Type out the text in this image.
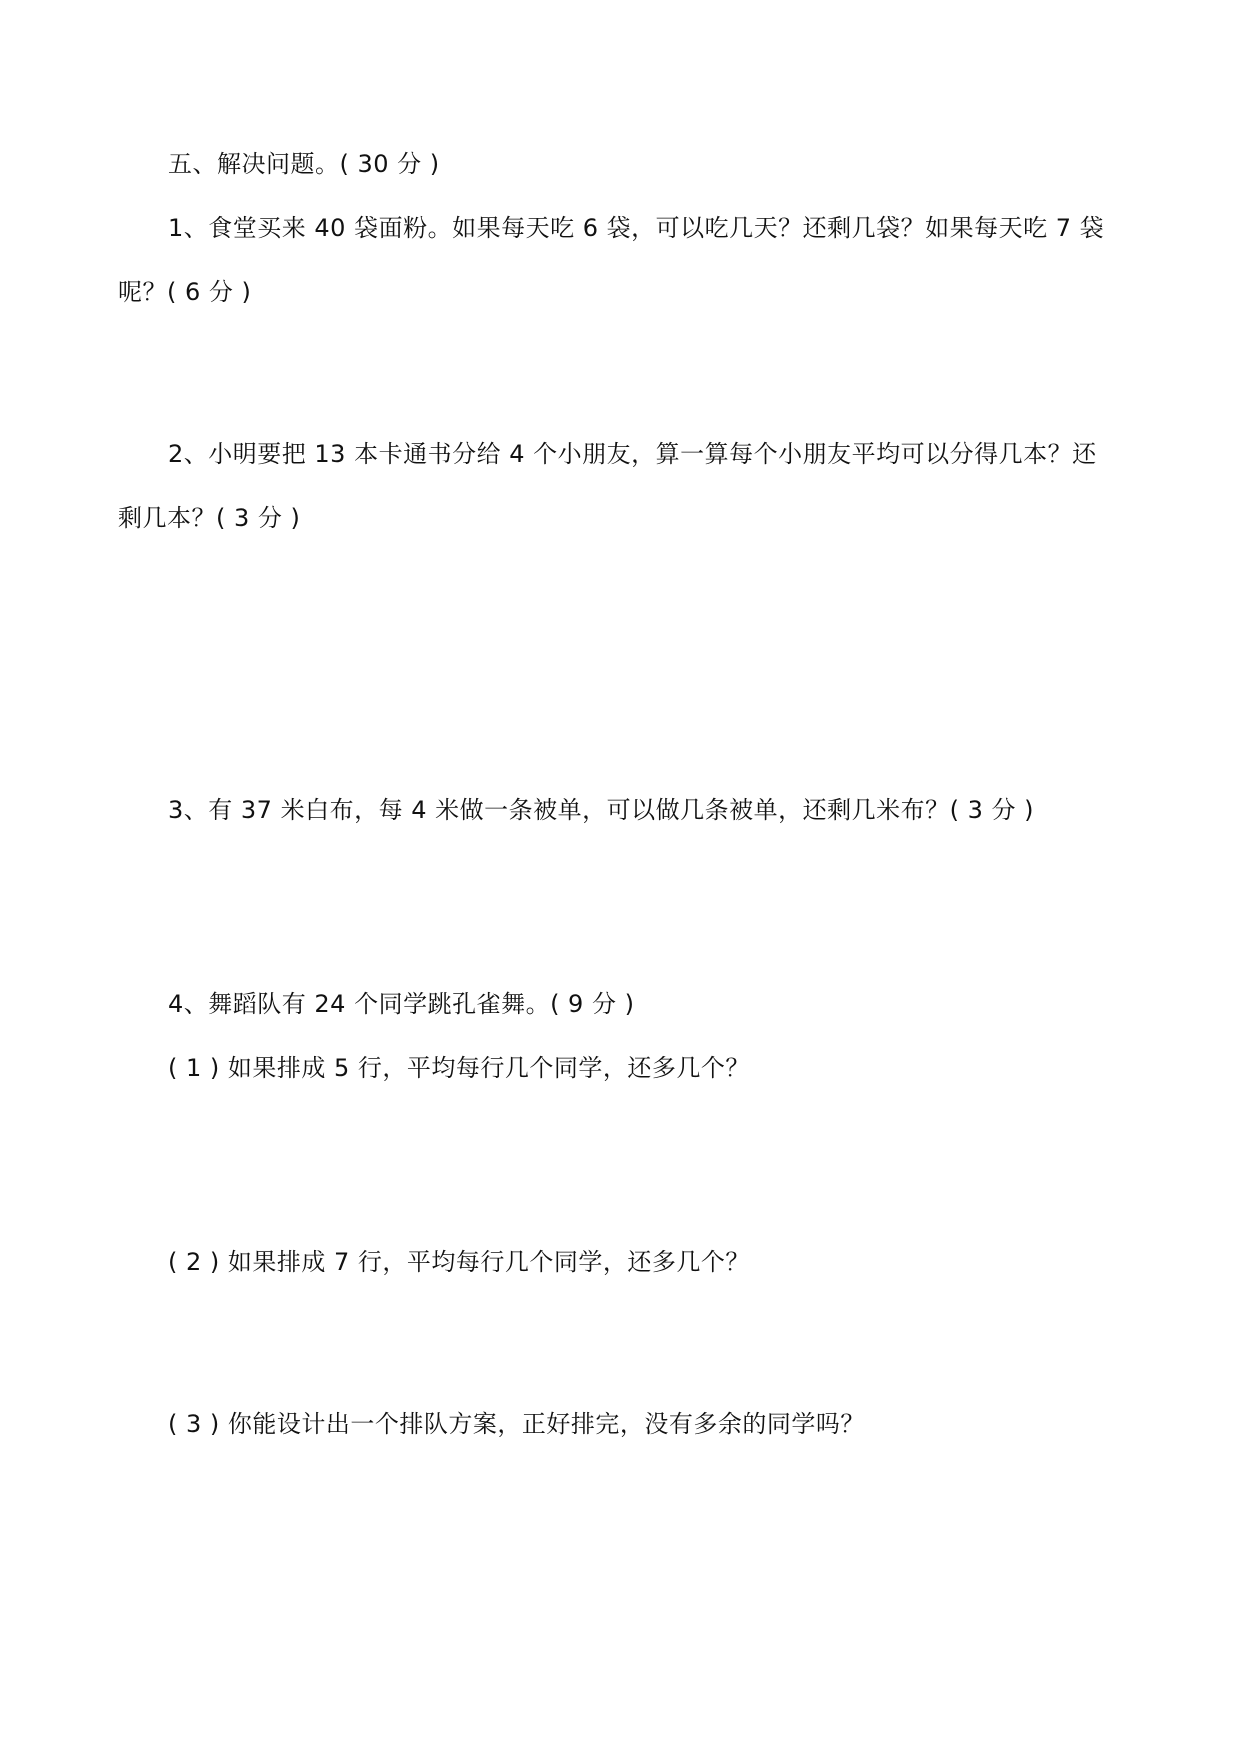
五、解决问题。( 30 分 )
1、食堂买来 40 袋面粉。如果每天吃 6 袋，可以吃几天？还剩几袋？如果每天吃 7 袋
呢？( 6 分 )
2、小明要把 13 本卡通书分给 4 个小朋友，算一算每个小朋友平均可以分得几本？还
剩几本？( 3 分 )
3、有 37 米白布，每 4 米做一条被单，可以做几条被单，还剩几米布？( 3 分 )
4、舞蹈队有 24 个同学跳孔雀舞。( 9 分 )
( 1 ) 如果排成 5 行，平均每行几个同学，还多几个？
( 2 ) 如果排成 7 行，平均每行几个同学，还多几个？
( 3 ) 你能设计出一个排队方案，正好排完，没有多余的同学吗？
